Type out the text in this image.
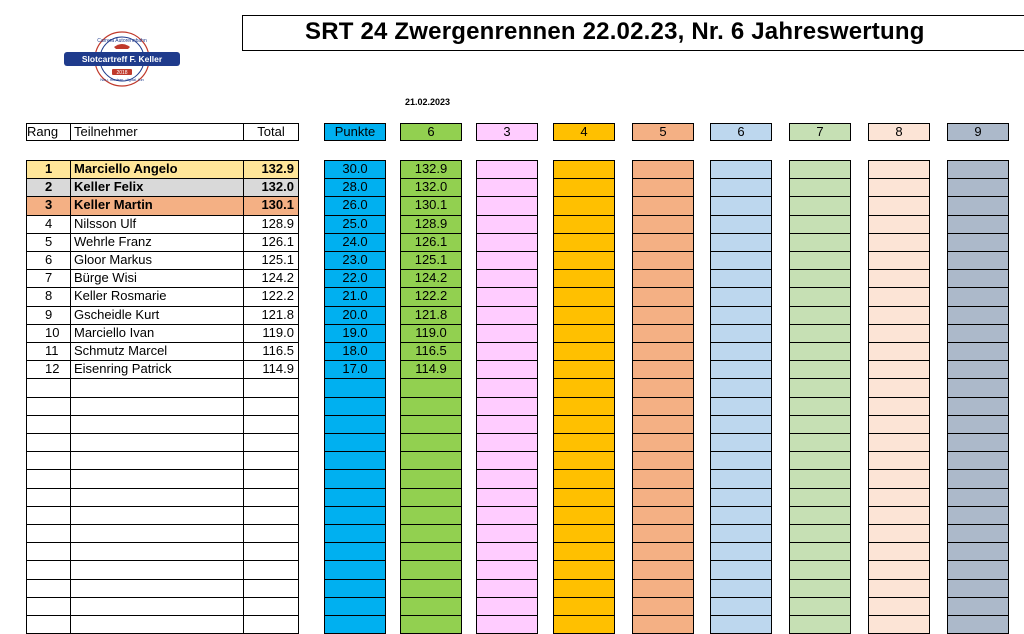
Slotcartreff F. Keller
Carrera Autorennbahn
2018
Neu, modern, digital, fun
SRT 24 Zwergenrennen 22.02.23, Nr. 6 Jahreswertung
21.02.2023
Rang	Teilnehmer	Total	Punkte	6	3	4	5	6	7	8	9
1	Marciello Angelo	132.9	30.0	132.9
2	Keller Felix	132.0	28.0	132.0
3	Keller Martin	130.1	26.0	130.1
4	Nilsson Ulf	128.9	25.0	128.9
5	Wehrle Franz	126.1	24.0	126.1
6	Gloor Markus	125.1	23.0	125.1
7	Bürge Wisi	124.2	22.0	124.2
8	Keller Rosmarie	122.2	21.0	122.2
9	Gscheidle Kurt	121.8	20.0	121.8
10	Marciello Ivan	119.0	19.0	119.0
11	Schmutz Marcel	116.5	18.0	116.5
12	Eisenring Patrick	114.9	17.0	114.9
